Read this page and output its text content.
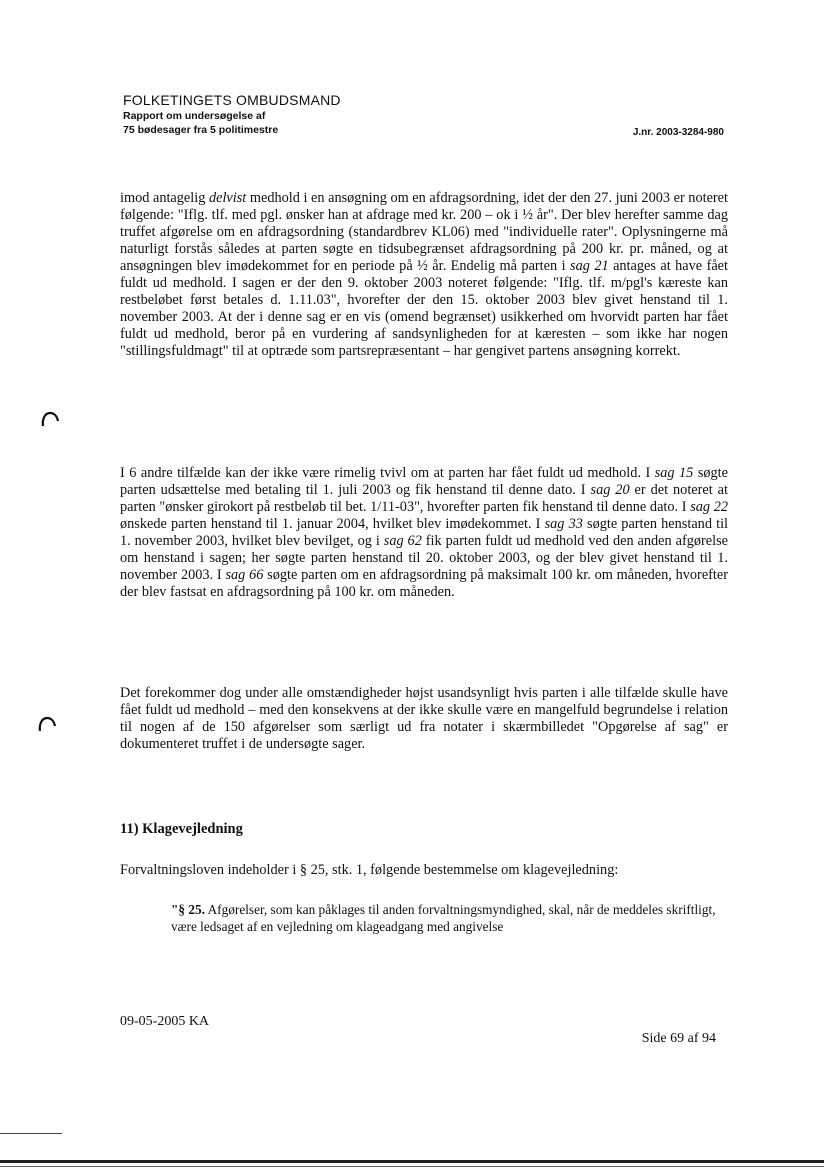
FOLKETINGETS OMBUDSMAND
Rapport om undersøgelse af
75 bødesager fra 5 politimestre	J.nr. 2003-3284-980
imod antagelig delvist medhold i en ansøgning om en afdragsordning, idet der den 27. juni 2003 er noteret følgende: "Iflg. tlf. med pgl. ønsker han at afdrage med kr. 200 – ok i ½ år". Der blev herefter samme dag truffet afgørelse om en afdragsordning (standardbrev KL06) med "individuelle rater". Oplysningerne må naturligt forstås således at parten søgte en tidsubegrænset afdragsordning på 200 kr. pr. måned, og at ansøgningen blev imødekommet for en periode på ½ år. Endelig må parten i sag 21 antages at have fået fuldt ud medhold. I sagen er der den 9. oktober 2003 noteret følgende: "Iflg. tlf. m/pgl's kæreste kan restbeløbet først betales d. 1.11.03", hvorefter der den 15. oktober 2003 blev givet henstand til 1. november 2003. At der i denne sag er en vis (omend begrænset) usikkerhed om hvorvidt parten har fået fuldt ud medhold, beror på en vurdering af sandsynligheden for at kæresten – som ikke har nogen "stillingsfuldmagt" til at optræde som partsrepræsentant – har gengivet partens ansøgning korrekt.
I 6 andre tilfælde kan der ikke være rimelig tvivl om at parten har fået fuldt ud medhold. I sag 15 søgte parten udsættelse med betaling til 1. juli 2003 og fik henstand til denne dato. I sag 20 er det noteret at parten "ønsker girokort på restbeløb til bet. 1/11-03", hvorefter parten fik henstand til denne dato. I sag 22 ønskede parten henstand til 1. januar 2004, hvilket blev imødekommet. I sag 33 søgte parten henstand til 1. november 2003, hvilket blev bevilget, og i sag 62 fik parten fuldt ud medhold ved den anden afgørelse om henstand i sagen; her søgte parten henstand til 20. oktober 2003, og der blev givet henstand til 1. november 2003. I sag 66 søgte parten om en afdragsordning på maksimalt 100 kr. om måneden, hvorefter der blev fastsat en afdragsordning på 100 kr. om måneden.
Det forekommer dog under alle omstændigheder højst usandsynligt hvis parten i alle tilfælde skulle have fået fuldt ud medhold – med den konsekvens at der ikke skulle være en mangelfuld begrundelse i relation til nogen af de 150 afgørelser som særligt ud fra notater i skærmbilledet "Opgørelse af sag" er dokumenteret truffet i de undersøgte sager.
11) Klagevejledning
Forvaltningsloven indeholder i § 25, stk. 1, følgende bestemmelse om klagevejledning:
"§ 25. Afgørelser, som kan påklages til anden forvaltningsmyndighed, skal, når de meddeles skriftligt, være ledsaget af en vejledning om klageadgang med angivelse
09-05-2005 KA
Side 69 af 94
